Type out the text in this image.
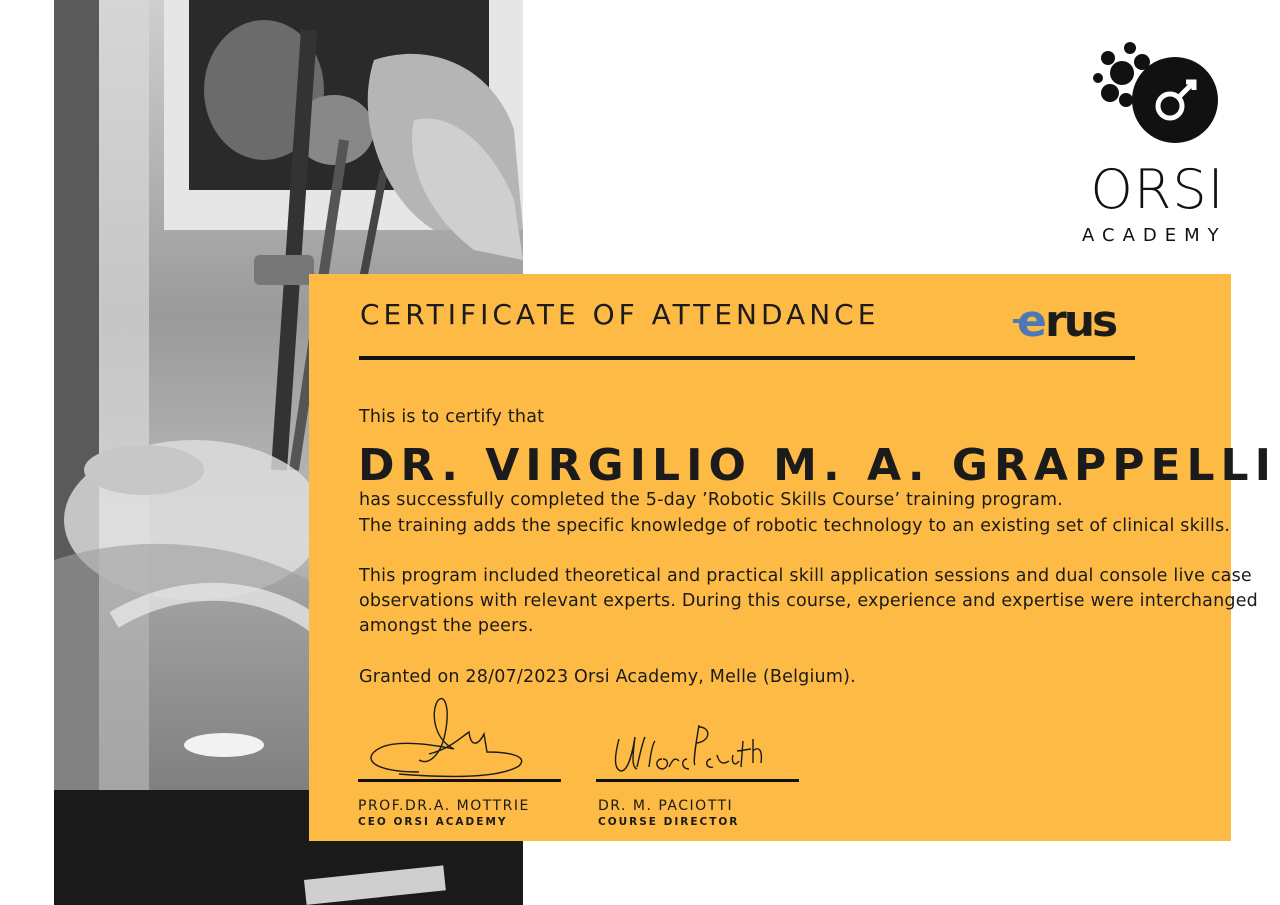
ORSI
ACADEMY
CERTIFICATE OF ATTENDANCE	e rus
This is to certify that
DR. VIRGILIO M. A. GRAPPELLI
has successfully completed the 5-day ’Robotic Skills Course’ training program.
The training adds the specific knowledge of robotic technology to an existing set of clinical skills.
This program included theoretical and practical skill application sessions and dual console live case
observations with relevant experts. During this course, experience and expertise were interchanged
amongst the peers.
Granted on 28/07/2023 Orsi Academy, Melle (Belgium).
PROF.DR.A. MOTTRIE
CEO ORSI ACADEMY
DR. M. PACIOTTI
COURSE DIRECTOR
